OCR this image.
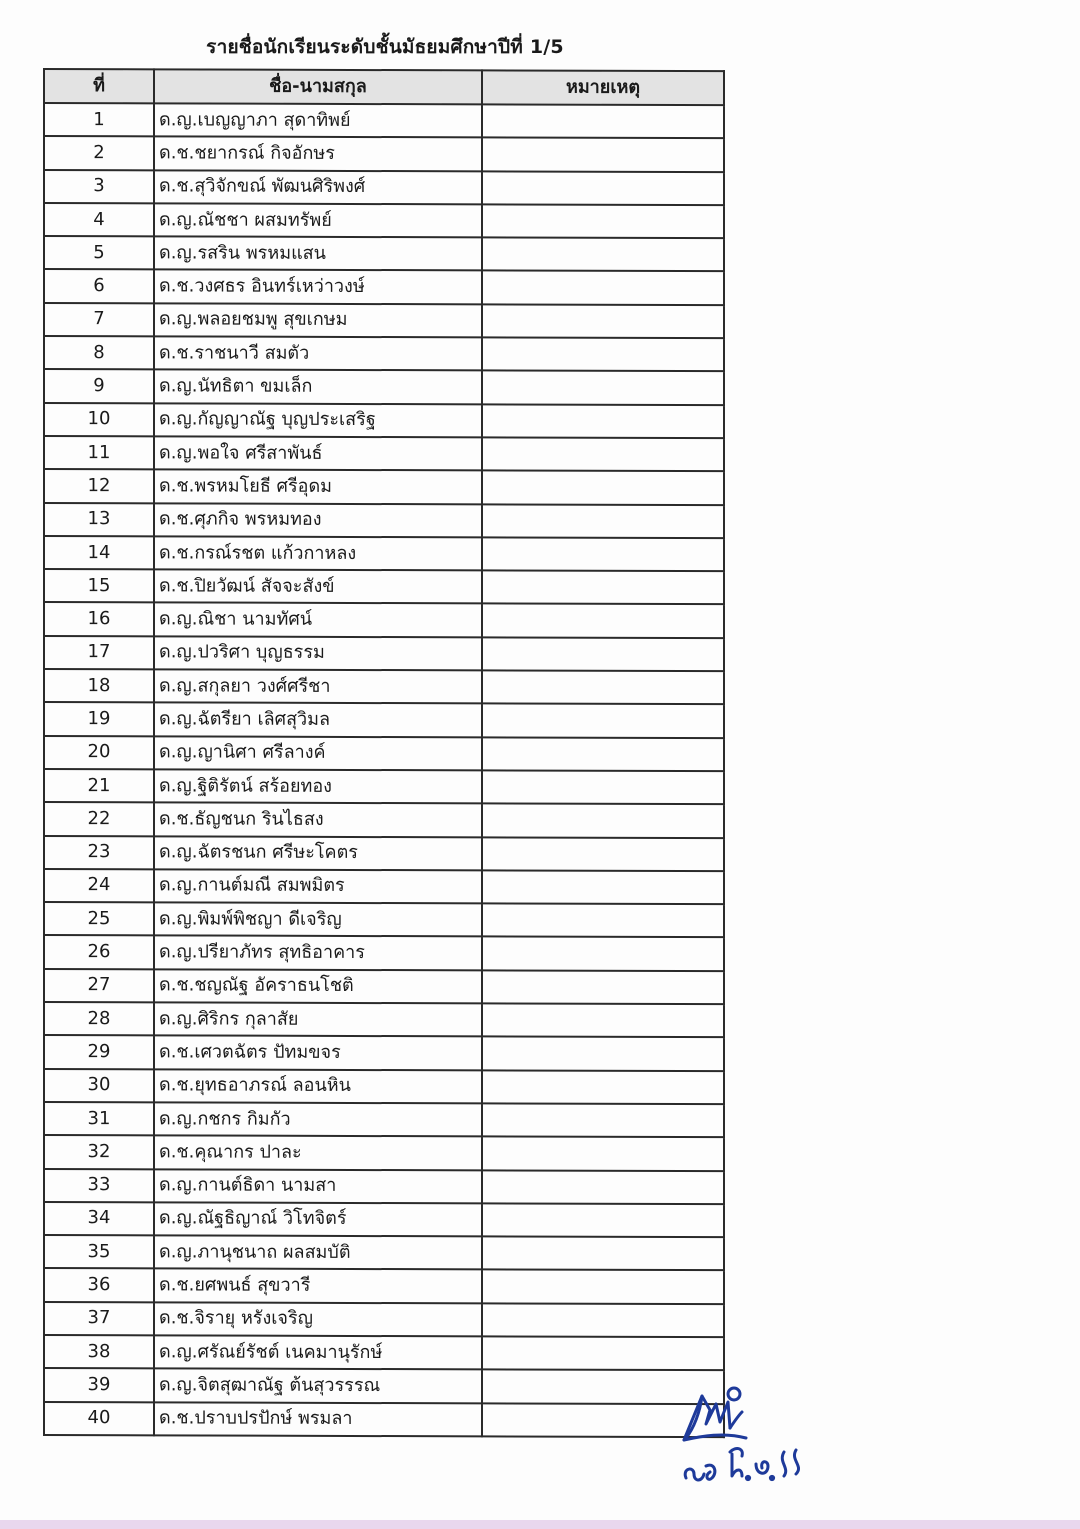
รายชื่อนักเรียนระดับชั้นมัธยมศึกษาปีที่ 1/5
ที่	ชื่อ-นามสกุล	หมายเหตุ
1	ด.ญ.เบญญาภา สุดาทิพย์	
2	ด.ช.ชยากรณ์ กิจอักษร	
3	ด.ช.สุวิจักขณ์ พัฒนศิริพงศ์	
4	ด.ญ.ณัชชา ผสมทรัพย์	
5	ด.ญ.รสริน พรหมแสน	
6	ด.ช.วงศธร อินทร์เหว่าวงษ์	
7	ด.ญ.พลอยชมพู สุขเกษม	
8	ด.ช.ราชนาวี สมตัว	
9	ด.ญ.นัทธิตา ขมเล็ก	
10	ด.ญ.กัญญาณัฐ บุญประเสริฐ	
11	ด.ญ.พอใจ ศรีสาพันธ์	
12	ด.ช.พรหมโยธี ศรีอุดม	
13	ด.ช.ศุภกิจ พรหมทอง	
14	ด.ช.กรณ์รชต แก้วกาหลง	
15	ด.ช.ปิยวัฒน์ สัจจะสังข์	
16	ด.ญ.ณิชา นามทัศน์	
17	ด.ญ.ปวริศา บุญธรรม	
18	ด.ญ.สกุลยา วงศ์ศรีชา	
19	ด.ญ.ฉัตรียา เลิศสุวิมล	
20	ด.ญ.ญานิศา ศรีลางค์	
21	ด.ญ.ฐิติรัตน์ สร้อยทอง	
22	ด.ช.ธัญชนก รินไธสง	
23	ด.ญ.ฉัตรชนก ศรีษะโคตร	
24	ด.ญ.กานต์มณี สมพมิตร	
25	ด.ญ.พิมพ์พิชญา ดีเจริญ	
26	ด.ญ.ปรียาภัทร สุทธิอาคาร	
27	ด.ช.ชญณัฐ อัคราธนโชติ	
28	ด.ญ.ศิริกร กุลาสัย	
29	ด.ช.เศวตฉัตร ปัทมขจร	
30	ด.ช.ยุทธอาภรณ์ ลอนหิน	
31	ด.ญ.กชกร กิมกัว	
32	ด.ช.คุณากร ปาละ	
33	ด.ญ.กานต์ธิดา นามสา	
34	ด.ญ.ณัฐธิญาณ์ วิโทจิตร์	
35	ด.ญ.ภานุชนาถ ผลสมบัติ	
36	ด.ช.ยศพนธ์ สุขวารี	
37	ด.ช.จิรายุ หรังเจริญ	
38	ด.ญ.ศรัณย์รัชต์ เนคมานุรักษ์	
39	ด.ญ.จิตสุฒาณัฐ ต้นสุวรรรณ	
40	ด.ช.ปราบปรปักษ์ พรมลา	
๓๑ มี.ค.๖๖
